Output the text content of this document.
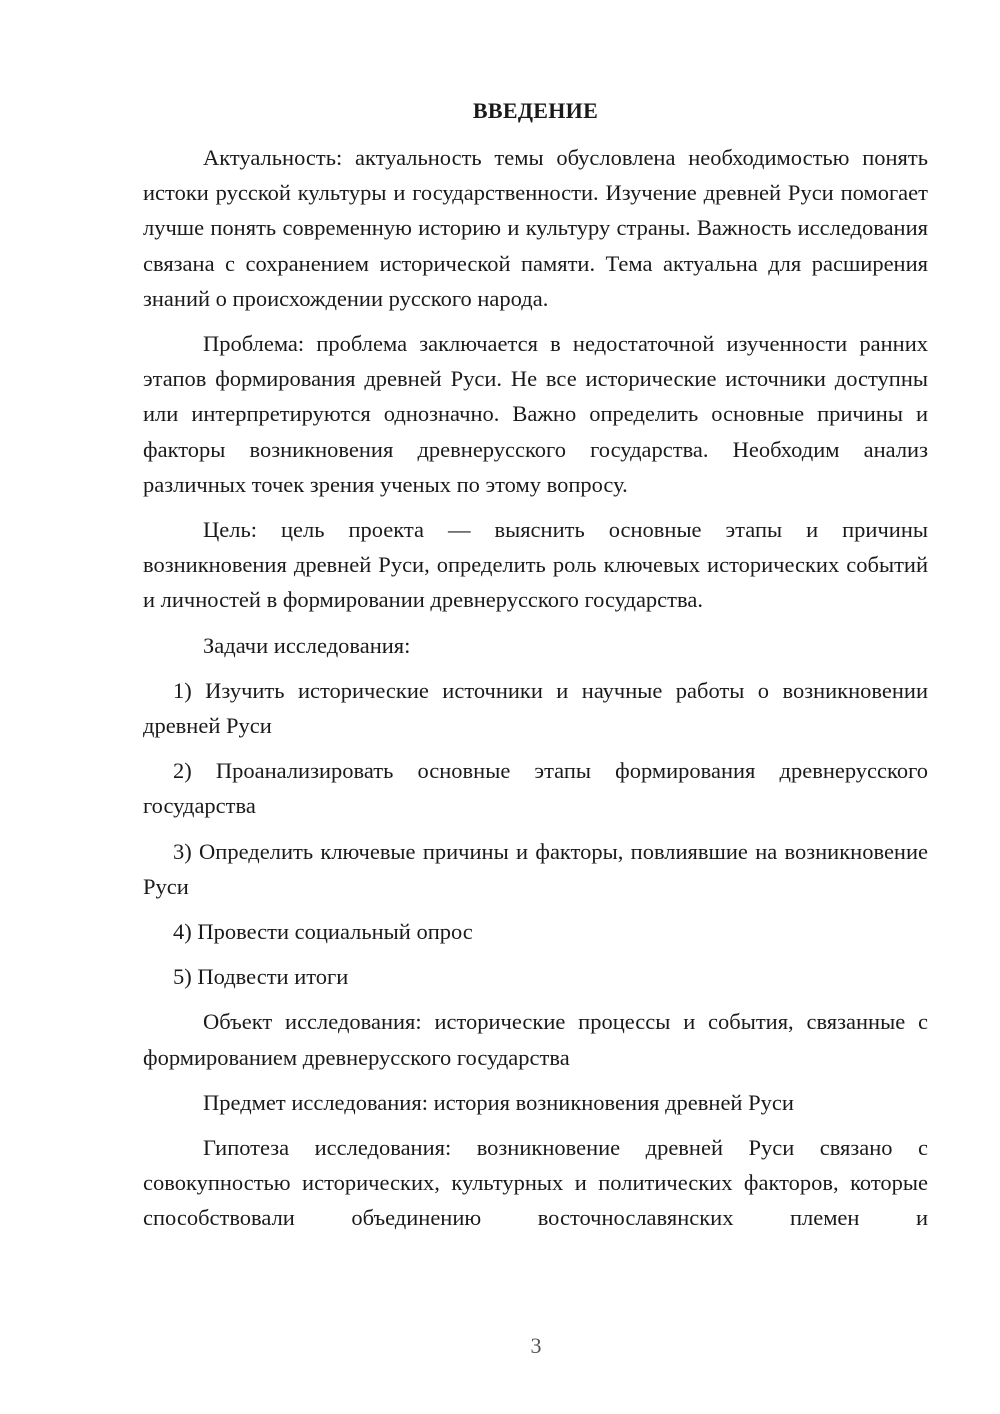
ВВЕДЕНИЕ

Актуальность: актуальность темы обусловлена необходимостью понять истоки русской культуры и государственности. Изучение древней Руси помогает лучше понять современную историю и культуру страны. Важность исследования связана с сохранением исторической памяти. Тема актуальна для расширения знаний о происхождении русского народа.

Проблема: проблема заключается в недостаточной изученности ранних этапов формирования древней Руси. Не все исторические источники доступны или интерпретируются однозначно. Важно определить основные причины и факторы возникновения древнерусского государства. Необходим анализ различных точек зрения ученых по этому вопросу.

Цель: цель проекта — выяснить основные этапы и причины возникновения древней Руси, определить роль ключевых исторических событий и личностей в формировании древнерусского государства.

Задачи исследования:

1) Изучить исторические источники и научные работы о возникновении древней Руси

2) Проанализировать основные этапы формирования древнерусского государства

3) Определить ключевые причины и факторы, повлиявшие на возникновение Руси

4) Провести социальный опрос

5) Подвести итоги

Объект исследования: исторические процессы и события, связанные с формированием древнерусского государства

Предмет исследования: история возникновения древней Руси

Гипотеза исследования: возникновение древней Руси связано с совокупностью исторических, культурных и политических факторов, которые способствовали объединению восточнославянских племен и

3
